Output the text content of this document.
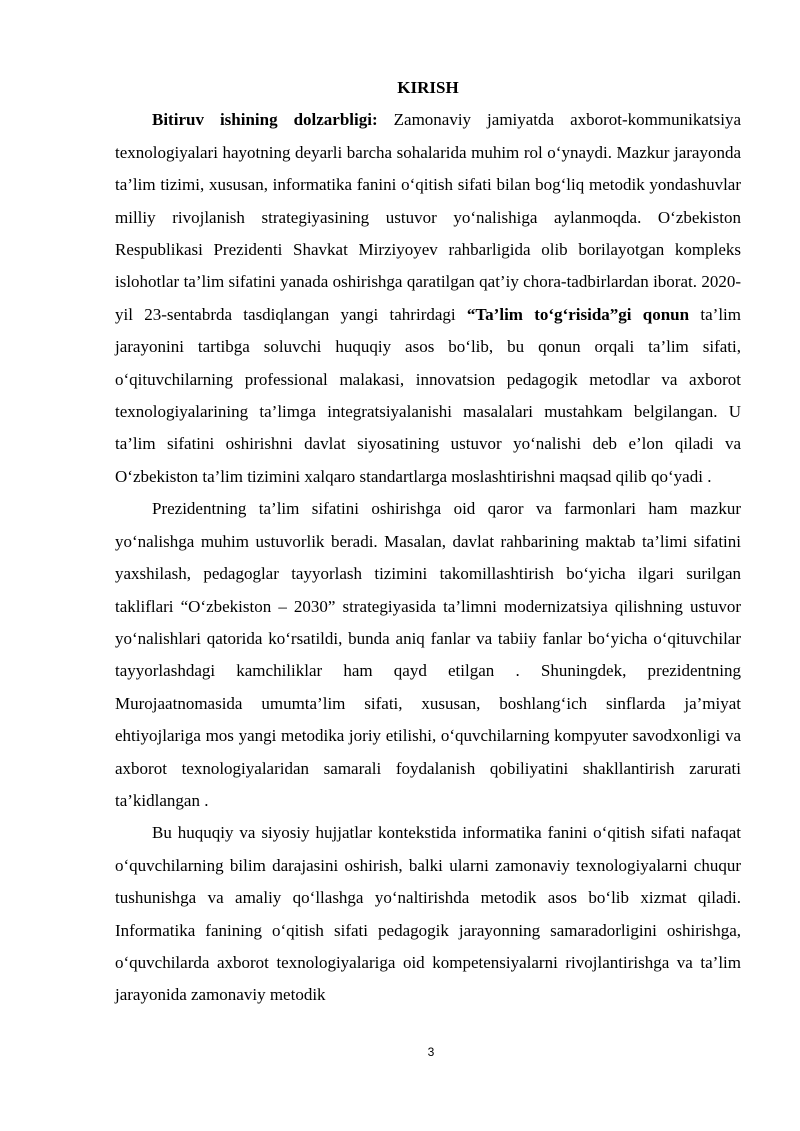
KIRISH

Bitiruv ishining dolzarbligi: Zamonaviy jamiyatda axborot-kommunikatsiya texnologiyalari hayotning deyarli barcha sohalarida muhim rol o‘ynaydi. Mazkur jarayonda ta’lim tizimi, xususan, informatika fanini o‘qitish sifati bilan bog‘liq metodik yondashuvlar milliy rivojlanish strategiyasining ustuvor yo‘nalishiga aylanmoqda. O‘zbekiston Respublikasi Prezidenti Shavkat Mirziyoyev rahbarligida olib borilayotgan kompleks islohotlar ta’lim sifatini yanada oshirishga qaratilgan qat’iy chora-tadbirlardan iborat. 2020-yil 23-sentabrda tasdiqlangan yangi tahrirdagi “Ta’lim to‘g‘risida”gi qonun ta’lim jarayonini tartibga soluvchi huquqiy asos bo‘lib, bu qonun orqali ta’lim sifati, o‘qituvchilarning professional malakasi, innovatsion pedagogik metodlar va axborot texnologiyalarining ta’limga integratsiyalanishi masalalari mustahkam belgilangan. U ta’lim sifatini oshirishni davlat siyosatining ustuvor yo‘nalishi deb e’lon qiladi va O‘zbekiston ta’lim tizimini xalqaro standartlarga moslashtirishni maqsad qilib qo‘yadi .

Prezidentning ta’lim sifatini oshirishga oid qaror va farmonlari ham mazkur yo‘nalishga muhim ustuvorlik beradi. Masalan, davlat rahbarining maktab ta’limi sifatini yaxshilash, pedagoglar tayyorlash tizimini takomillashtirish bo‘yicha ilgari surilgan takliflari “O‘zbekiston – 2030” strategiyasida ta’limni modernizatsiya qilishning ustuvor yo‘nalishlari qatorida ko‘rsatildi, bunda aniq fanlar va tabiiy fanlar bo‘yicha o‘qituvchilar tayyorlashdagi kamchiliklar ham qayd etilgan . Shuningdek, prezidentning Murojaatnomasida umumta’lim sifati, xususan, boshlang‘ich sinflarda ja’miyat ehtiyojlariga mos yangi metodika joriy etilishi, o‘quvchilarning kompyuter savodxonligi va axborot texnologiyalaridan samarali foydalanish qobiliyatini shakllantirish zarurati ta’kidlangan .

Bu huquqiy va siyosiy hujjatlar kontekstida informatika fanini o‘qitish sifati nafaqat o‘quvchilarning bilim darajasini oshirish, balki ularni zamonaviy texnologiyalarni chuqur tushunishga va amaliy qo‘llashga yo‘naltirishda metodik asos bo‘lib xizmat qiladi. Informatika fanining o‘qitish sifati pedagogik jarayonning samaradorligini oshirishga, o‘quvchilarda axborot texnologiyalariga oid kompetensiyalarni rivojlantirishga va ta’lim jarayonida zamonaviy metodik

3
